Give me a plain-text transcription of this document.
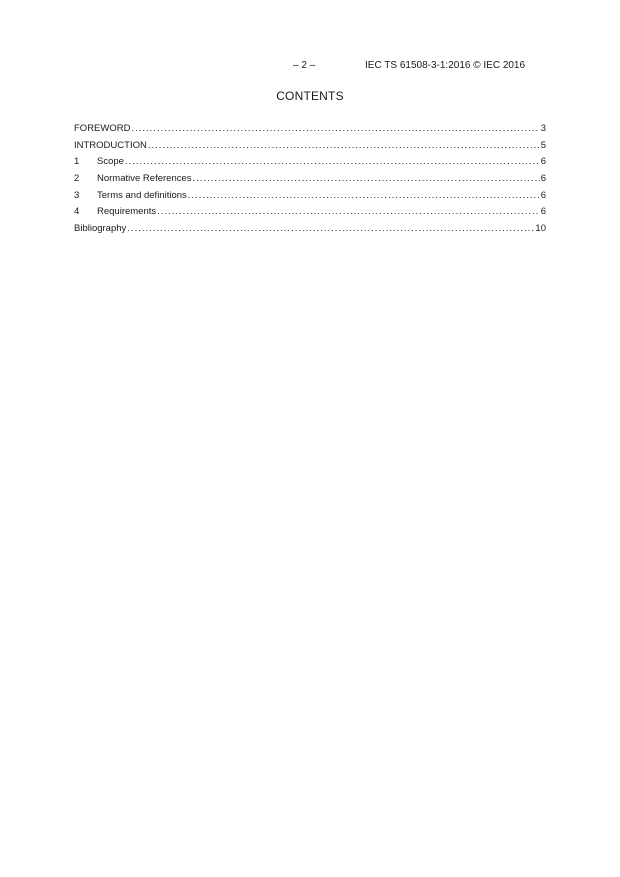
– 2 –	IEC TS 61508-3-1:2016 © IEC 2016
CONTENTS
FOREWORD .....	3
INTRODUCTION .....	5
1	Scope .....	6
2	Normative References .....	6
3	Terms and definitions .....	6
4	Requirements .....	6
Bibliography .....	10
